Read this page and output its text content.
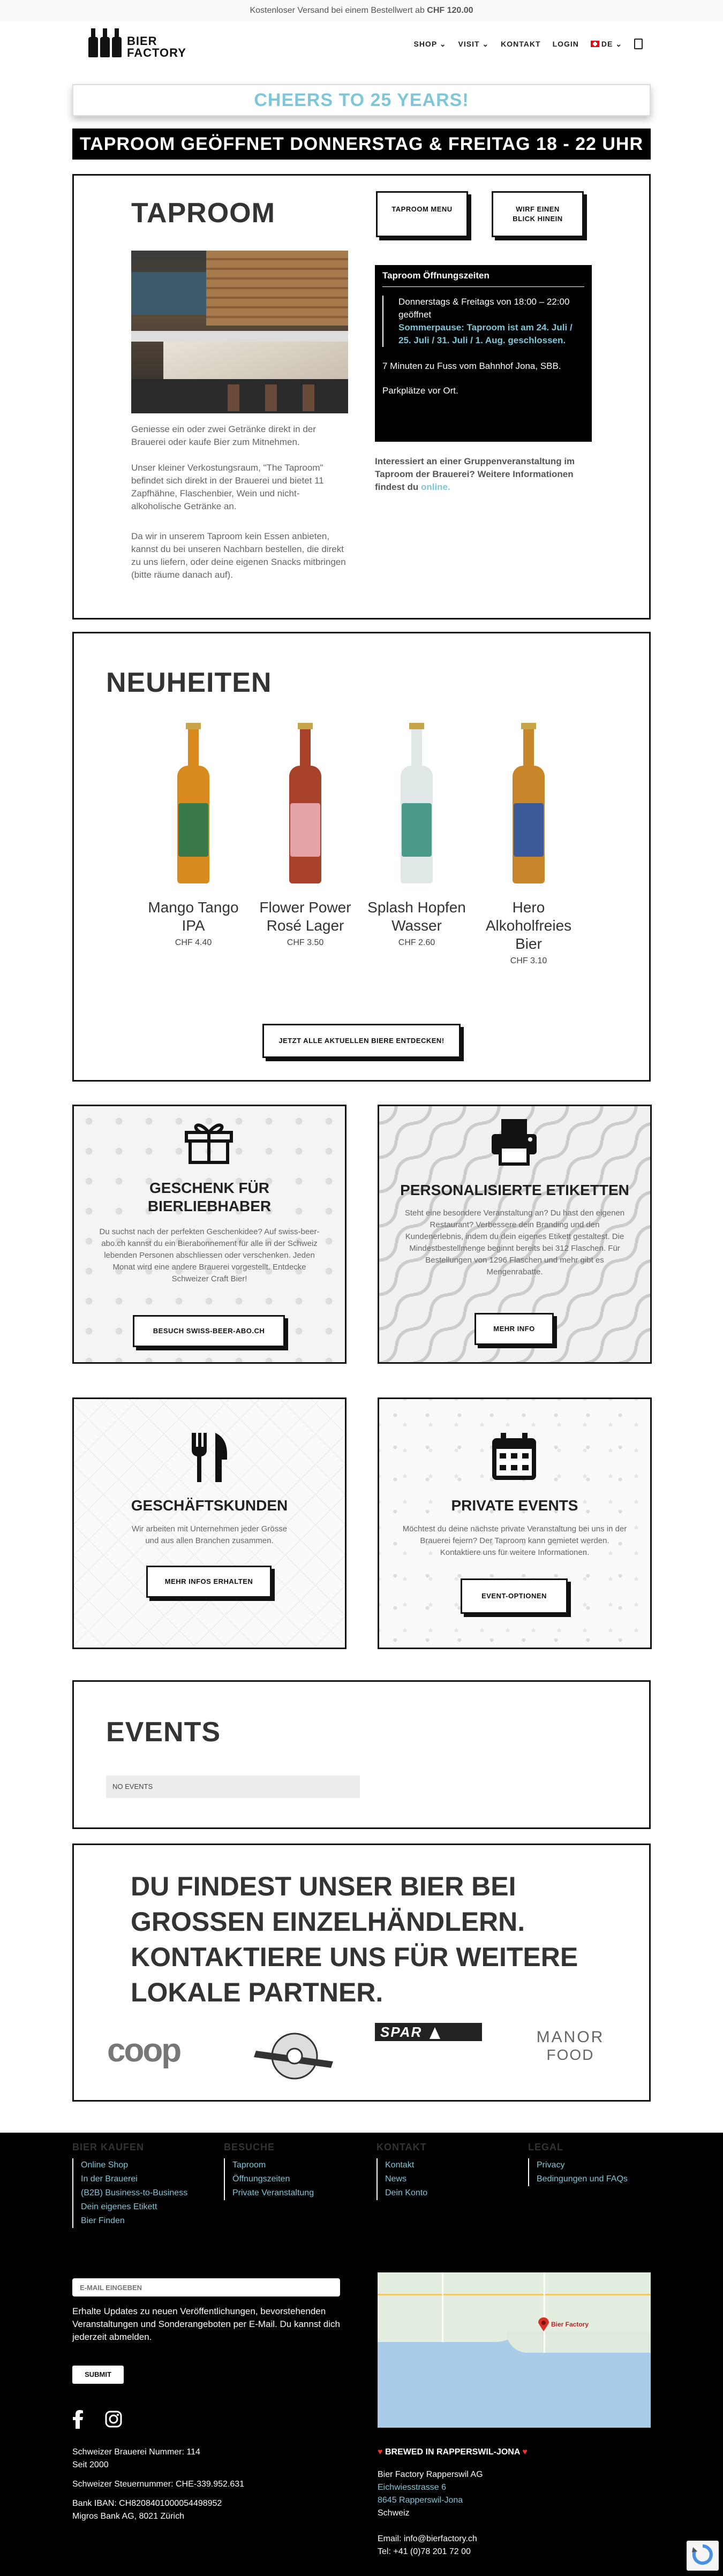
Kostenloser Versand bei einem Bestellwert ab CHF 120.00
BIER
FACTORY
SHOP ⌄ VISIT ⌄ KONTAKT LOGIN	DE ⌄
CHEERS TO 25 YEARS!
TAPROOM GEÖFFNET DONNERSTAG & FREITAG 18 - 22 UHR
TAPROOM	TAPROOM MENU	WIRF EINEN BLICK HINEIN

Geniesse ein oder zwei Getränke direkt in der Brauerei oder kaufe Bier zum Mitnehmen.

Unser kleiner Verkostungsraum, "The Taproom" befindet sich direkt in der Brauerei und bietet 11 Zapfhähne, Flaschenbier, Wein und nicht-alkoholische Getränke an.

Da wir in unserem Taproom kein Essen anbieten, kannst du bei unseren Nachbarn bestellen, die direkt zu uns liefern, oder deine eigenen Snacks mitbringen (bitte räume danach auf).

Taproom Öffnungszeiten
Donnerstags & Freitags von 18:00 – 22:00 geöffnet
Sommerpause: Taproom ist am 24. Juli / 25. Juli / 31. Juli / 1. Aug. geschlossen.
7 Minuten zu Fuss vom Bahnhof Jona, SBB.
Parkplätze vor Ort.

Interessiert an einer Gruppenveranstaltung im Taproom der Brauerei? Weitere Informationen findest du online.

NEUHEITEN
Mango Tango
IPA
CHF 4.40
Flower Power
Rosé Lager
CHF 3.50
Splash Hopfen
Wasser
CHF 2.60
Hero
Alkoholfreies
Bier
CHF 3.10
JETZT ALLE AKTUELLEN BIERE ENTDECKEN!
GESCHENK FÜR
BIERLIEBHABER

Du suchst nach der perfekten Geschenkidee? Auf swiss-beer-abo.ch kannst du ein Bierabonnement für alle in der Schweiz lebenden Personen abschliessen oder verschenken. Jeden Monat wird eine andere Brauerei vorgestellt. Entdecke Schweizer Craft Bier!

BESUCH SWISS-BEER-ABO.CH
PERSONALISIERTE ETIKETTEN

Steht eine besondere Veranstaltung an? Du hast den eigenen Restaurant? Verbessere dein Branding und den Kundenerlebnis, indem du dein eigenes Etikett gestaltest. Die Mindestbestellmenge beginnt bereits bei 312 Flaschen. Für Bestellungen von 1296 Flaschen und mehr gibt es Mengenrabatte.

MEHR INFO
GESCHÄFTSKUNDEN

Wir arbeiten mit Unternehmen jeder Grösse und aus allen Branchen zusammen.

MEHR INFOS ERHALTEN
PRIVATE EVENTS

Möchtest du deine nächste private Veranstaltung bei uns in der Brauerei feiern? Der Taproom kann gemietet werden. Kontaktiere uns für weitere Informationen.

EVENT-OPTIONEN
EVENTS
NO EVENTS
DU FINDEST UNSER BIER BEI
GROSSEN EINZELHÄNDLERN.
KONTAKTIERE UNS FÜR WEITERE
LOKALE PARTNER.
coop	SPAR	MANOR
FOOD
BIER KAUFEN
Online Shop
In der Brauerei
(B2B) Business-to-Business
Dein eigenes Etikett
Bier Finden
BESUCHE
Taproom
Öffnungszeiten
Private Veranstaltung
KONTAKT
Kontakt
News
Dein Konto
LEGAL
Privacy
Bedingungen und FAQs
E-MAIL EINGEBEN

Erhalte Updates zu neuen Veröffentlichungen, bevorstehenden Veranstaltungen und Sonderangeboten per E-Mail. Du kannst dich jederzeit abmelden.

SUBMIT
Schweizer Brauerei Nummer: 114
Seit 2000
Schweizer Steuernummer: CHE-339.952.631
Bank IBAN: CH8208401000054498952
Migros Bank AG, 8021 Zürich
Bier Factory
♥ BREWED IN RAPPERSWIL-JONA ♥
Bier Factory Rapperswil AG
Eichwiesstrasse 6
8645 Rapperswil-Jona
Schweiz
Email: info@bierfactory.ch
Tel: +41 (0)78 201 72 00
